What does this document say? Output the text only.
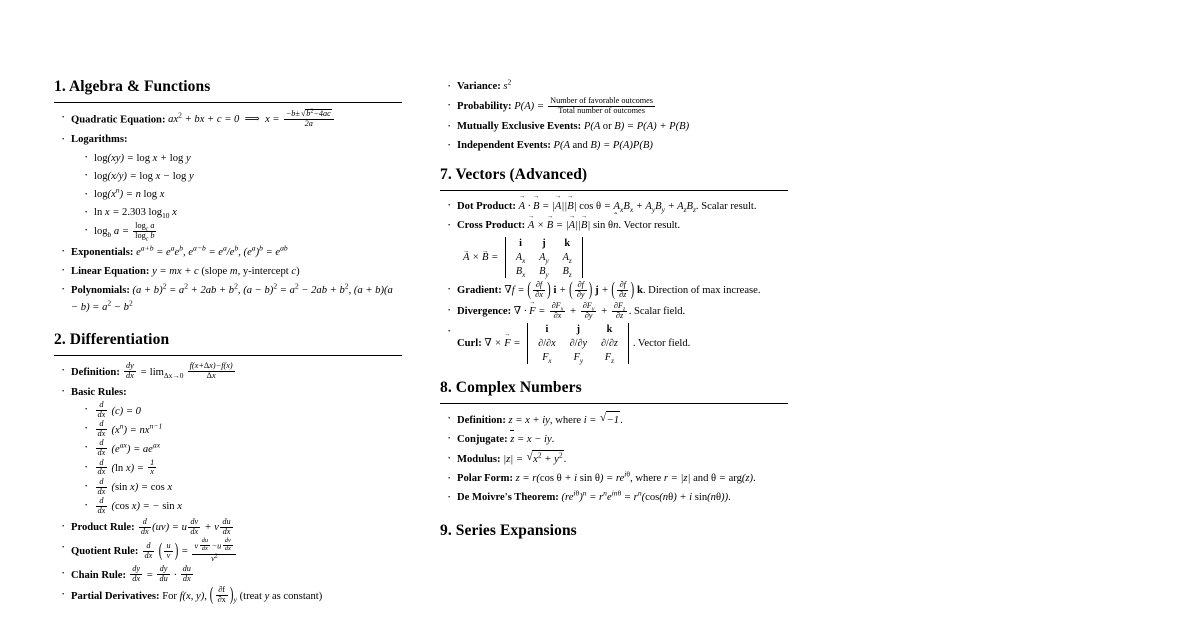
1. Algebra & Functions
· Quadratic Equation: $ax^2$ + bx + c = 0  ⟹  $x = \frac{-b\pm √ b^2-4ac}{2a}$
· Logarithms:
· log(xy) = log x + log y
· log(x/y) = log x − log y
· $\log(x^n) = n$ log x
· ln x = 2.303 $\log_{10} x$
· $\log_b a = \frac{\log_c a}{\log_c b}$
· Exponentials: $e^{a+b} = e^ae^b$, $e^{a-b} = e^a/e^b$, $(e^a)^b = e^{ab}$
· Linear Equation: y = mx + c (slope m, y-intercept c)
· Polynomials: $(a + b)^2 = a^2 + 2ab + b^2$, $(a - b)^2 = a^2 - 2ab + b^2$, $(a + b)(a - b) = a^2 - b^2$
2. Differentiation
· Definition: $\frac{dy}{dx} = \lim_{\Delta x\to 0} \frac{f(x+\Delta x)-f(x)}{\Delta x}$
· Basic Rules:
· $\frac{d}{dx} (c) = 0$
· $\frac{d}{dx} (x^n) = nx^{n-1}$
· $\frac{d}{dx} (e^{ax}) = ae^{ax}$
· $\frac{d}{dx} (\ln$ $x) = \frac{1}{x}$
· $\frac{d}{dx} (\sin$ x) = cos x
· $\frac{d}{dx} (\cos$ x) = − sin x
· Product Rule: $\frac{d}{dx} (uv) = u \frac{dv}{dx} + v \frac{du}{dx}$
· Quotient Rule: $\frac{d}{dx}$
( $\frac{u}{v}$
) = $\frac{v \frac{du}{dx} -u \frac{dv}{dx}}{v^2}$
· Chain Rule: $\frac{dy}{dx} = \frac{dy}{du} \cdot \frac{du}{dx}$
· Partial Derivatives: For f(x, y), ( $\frac{\partial f}{\partial x}$
) $_y$ (treat y as constant)
· Variance: $s^2$
· Probability: $P(A) = \frac{\text{Number of favorable outcomes}}{\text{Total number of outcomes}}$
· Mutually Exclusive Events: P(A or B) = P(A) + P(B)
· Independent Events: P(A and B) = P(A)P(B)
7. Vectors (Advanced)
· Dot Product: A → · B → = |A →||B →| $\cos \theta = A_xB_x + A_yB_y + A_zB_z$. Scalar result.
· Cross Product: A → × B → = |A →||B →| sin θn ̂. Vector result.
A → × B → =
i	j	k
$A_x$	$A_y$	$A_z$
$B_x$	$B_y$	$B_z$
· Gradient: ∇f = ( $\frac{\partial f}{\partial x}$
) i + ( $\frac{\partial f}{\partial y}$
) j + ( $\frac{\partial f}{\partial z}$
) k. Direction of max increase.
· Divergence: ∇ · F → = $\frac{\partial F_x}{\partial x} + \frac{\partial F_y}{\partial y} + \frac{\partial F_z}{\partial z}$ . Scalar field.
· Curl: ∇ × F → =
i	j	k
∂/∂x	∂/∂y	∂/∂z
$F_x$	$F_y$	$F_z$
. Vector field.
8. Complex Numbers
· Definition: z = x + iy, where i = √ −1.
· Conjugate: z = x − iy.
· Modulus: |z| = √ $x^2 + y^2$.
· Polar Form: z = r(cos θ + i $\sin \theta) = re^{i\theta}$, where r = |z| and θ = arg(z).
· De Moivre's Theorem: $(re^{i\theta})^n = r^ne^{in\theta} = r^n(\cos(n\theta) + i$ sin(nθ)).
9. Series Expansions
